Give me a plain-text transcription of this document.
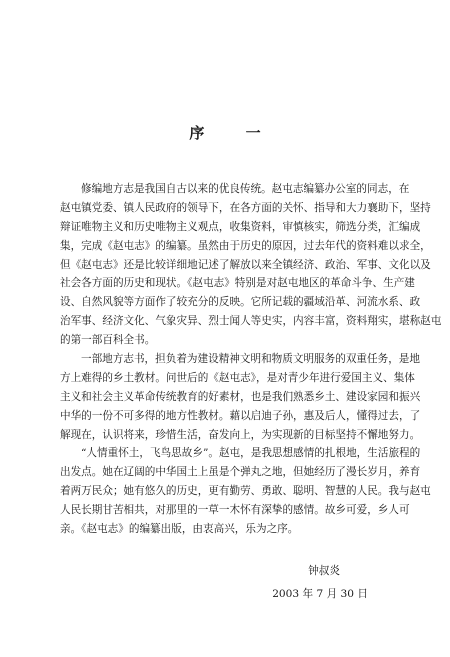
序 一
修编地方志是我国自古以来的优良传统。赵屯志编纂办公室的同志，在
赵屯镇党委、镇人民政府的领导下，在各方面的关怀、指导和大力襄助下，坚持
辩证唯物主义和历史唯物主义观点，收集资料，审慎核实，筛选分类，汇编成
集，完成《赵屯志》的编纂。虽然由于历史的原因，过去年代的资料难以求全，
但《赵屯志》还是比较详细地记述了解放以来全镇经济、政治、军事、文化以及
社会各方面的历史和现状。《赵屯志》特别是对赵屯地区的革命斗争、生产建
设、自然风貌等方面作了较充分的反映。它所记载的疆域沿革、河流水系、政
治军事、经济文化、气象灾异、烈士闻人等史实，内容丰富，资料翔实，堪称赵屯
的第一部百科全书。
一部地方志书，担负着为建设精神文明和物质文明服务的双重任务，是地
方上难得的乡土教材。问世后的《赵屯志》，是对青少年进行爱国主义、集体
主义和社会主义革命传统教育的好素材，也是我们熟悉乡土、建设家园和振兴
中华的一份不可多得的地方性教材。藉以启迪子孙，惠及后人，懂得过去，了
解现在，认识将来，珍惜生活，奋发向上，为实现新的目标坚持不懈地努力。
“人情重怀土，飞鸟思故乡”。赵屯，是我思想感情的扎根地，生活旅程的
出发点。她在辽阔的中华国土上虽是个弹丸之地，但她经历了漫长岁月，养育
着两万民众；她有悠久的历史，更有勤劳、勇敢、聪明、智慧的人民。我与赵屯
人民长期甘苦相共，对那里的一草一木怀有深挚的感情。故乡可爱，乡人可
亲。《赵屯志》的编纂出版，由衷高兴，乐为之序。
钟叔炎
2003 年 7 月 30 日
